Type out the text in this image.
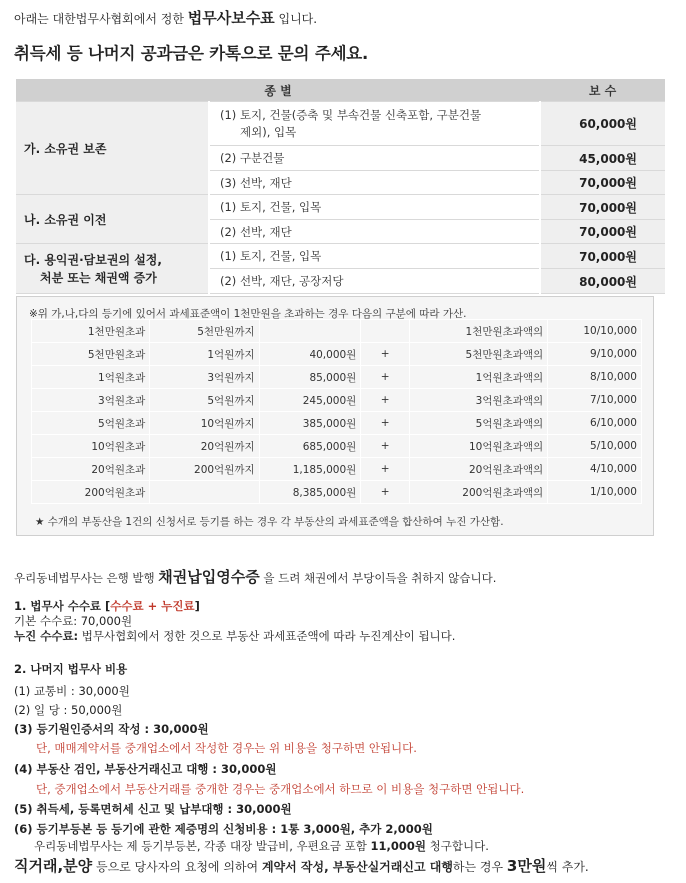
아래는 대한법무사협회에서 정한 법무사보수표 입니다.
취득세 등 나머지 공과금은 카톡으로 문의 주세요.
종 별		보 수
가. 소유권 보존	(1) 토지, 건물(증축 및 부속건물 신축포함, 구분건물
제외), 입목	60,000원
	(2) 구분건물	45,000원
	(3) 선박, 재단	70,000원
나. 소유권 이전	(1) 토지, 건물, 입목	70,000원
	(2) 선박, 재단	70,000원

다. 용익권·담보권의 설정,
처분 또는 채권액 증가	(1) 토지, 건물, 입목	70,000원
	(2) 선박, 재단, 공장저당	80,000원
※위 가,나,다의 등기에 있어서 과세표준액이 1천만원을 초과하는 경우 다음의 구분에 따라 가산.
1천만원초과	5천만원까지			1천만원초과액의	10/10,000
5천만원초과	1억원까지	40,000원	+	5천만원초과액의	9/10,000
1억원초과	3억원까지	85,000원	+	1억원초과액의	8/10,000
3억원초과	5억원까지	245,000원	+	3억원초과액의	7/10,000
5억원초과	10억원까지	385,000원	+	5억원초과액의	6/10,000
10억원초과	20억원까지	685,000원	+	10억원초과액의	5/10,000
20억원초과	200억원까지	1,185,000원	+	20억원초과액의	4/10,000
200억원초과		8,385,000원	+	200억원초과액의	1/10,000
★ 수개의 부동산을 1건의 신청서로 등기를 하는 경우 각 부동산의 과세표준액을 합산하여 누진 가산함.
우리동네법무사는 은행 발행 채권납입영수증 을 드려 채권에서 부당이득을 취하지 않습니다.
1. 법무사 수수료 [수수료 + 누진료]
기본 수수료: 70,000원
누진 수수료: 법무사협회에서 정한 것으로 부동산 과세표준액에 따라 누진계산이 됩니다.
2. 나머지 법무사 비용
(1) 교통비 : 30,000원
(2) 일 당 : 50,000원
(3) 등기원인증서의 작성 : 30,000원
단, 매매계약서를 중개업소에서 작성한 경우는 위 비용을 청구하면 안됩니다.
(4) 부동산 검인, 부동산거래신고 대행 : 30,000원
단, 중개업소에서 부동산거래를 중개한 경우는 중개업소에서 하므로 이 비용을 청구하면 안됩니다.
(5) 취득세, 등록면허세 신고 및 납부대행 : 30,000원
(6) 등기부등본 등 등기에 관한 제증명의 신청비용 : 1통 3,000원, 추가 2,000원
우리동네법무사는 제 등기부등본, 각종 대장 발급비, 우편요금 포함 11,000원 청구합니다.
직거래,분양 등으로 당사자의 요청에 의하여 계약서 작성, 부동산실거래신고 대행하는 경우 3만원씩 추가.
